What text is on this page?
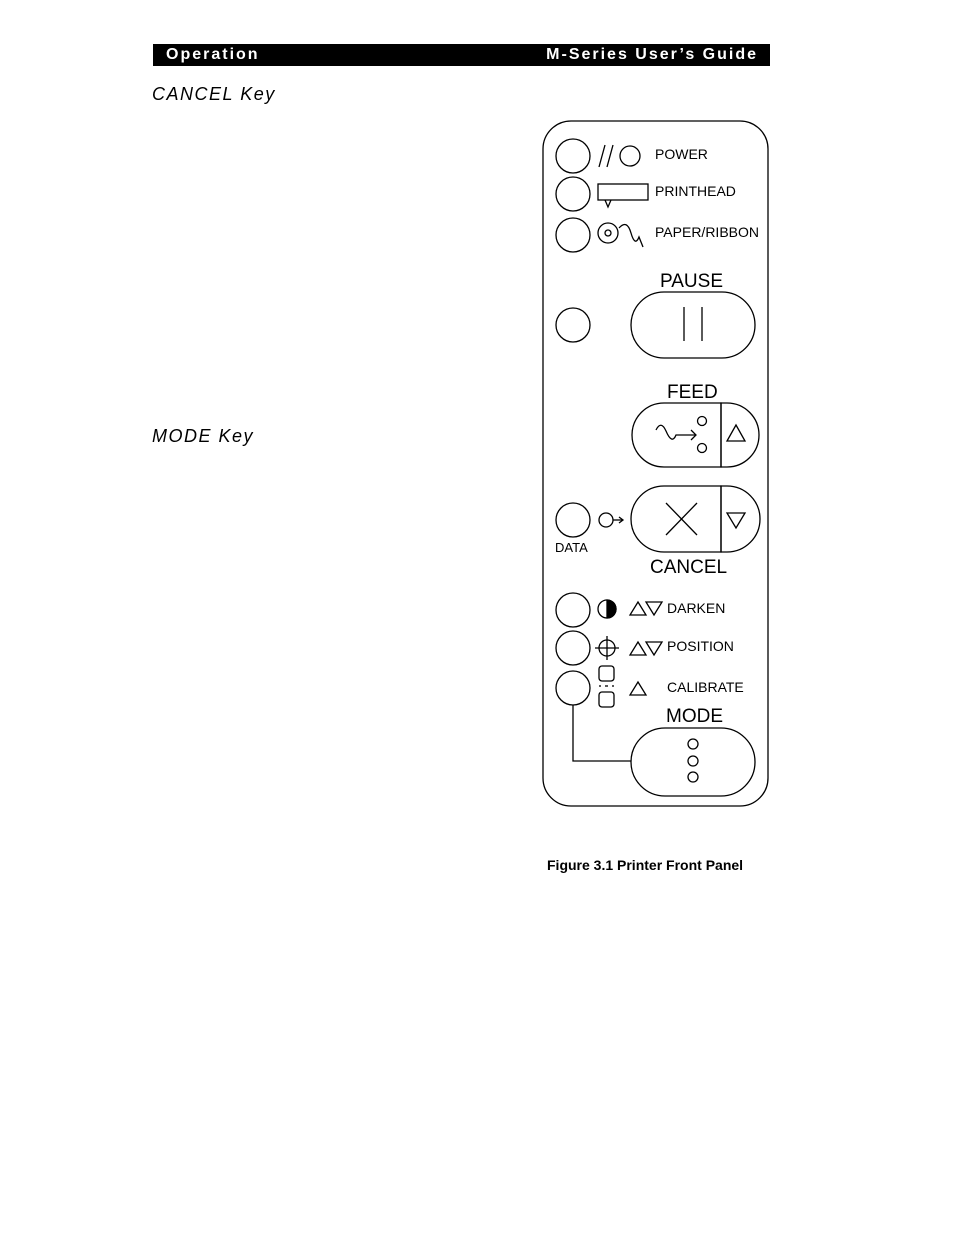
Operation	M-Series User’s Guide
CANCEL Key
MODE Key
POWER
PRINTHEAD
PAPER/RIBBON
PAUSE
FEED
DATA
CANCEL
DARKEN
POSITION
CALIBRATE
MODE
Figure 3.1 Printer Front Panel
